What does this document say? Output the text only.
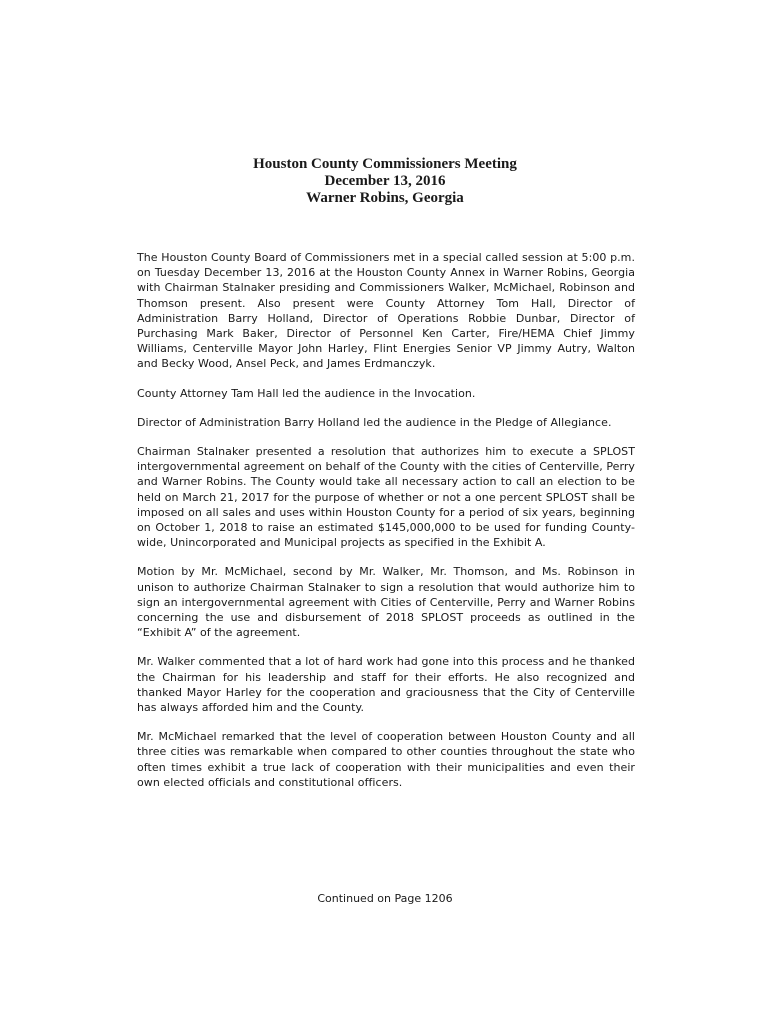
Houston County Commissioners Meeting
December 13, 2016
Warner Robins, Georgia

The Houston County Board of Commissioners met in a special called session at 5:00 p.m. on Tuesday December 13, 2016 at the Houston County Annex in Warner Robins, Georgia with Chairman Stalnaker presiding and Commissioners Walker, McMichael, Robinson and Thomson present. Also present were County Attorney Tom Hall, Director of Administration Barry Holland, Director of Operations Robbie Dunbar, Director of Purchasing Mark Baker, Director of Personnel Ken Carter, Fire/HEMA Chief Jimmy Williams, Centerville Mayor John Harley, Flint Energies Senior VP Jimmy Autry, Walton and Becky Wood, Ansel Peck, and James Erdmanczyk.

County Attorney Tam Hall led the audience in the Invocation.

Director of Administration Barry Holland led the audience in the Pledge of Allegiance.

Chairman Stalnaker presented a resolution that authorizes him to execute a SPLOST intergovernmental agreement on behalf of the County with the cities of Centerville, Perry and Warner Robins. The County would take all necessary action to call an election to be held on March 21, 2017 for the purpose of whether or not a one percent SPLOST shall be imposed on all sales and uses within Houston County for a period of six years, beginning on October 1, 2018 to raise an estimated $145,000,000 to be used for funding County-wide, Unincorporated and Municipal projects as specified in the Exhibit A.

Motion by Mr. McMichael, second by Mr. Walker, Mr. Thomson, and Ms. Robinson in unison to authorize Chairman Stalnaker to sign a resolution that would authorize him to sign an intergovernmental agreement with Cities of Centerville, Perry and Warner Robins concerning the use and disbursement of 2018 SPLOST proceeds as outlined in the “Exhibit A” of the agreement.

Mr. Walker commented that a lot of hard work had gone into this process and he thanked the Chairman for his leadership and staff for their efforts. He also recognized and thanked Mayor Harley for the cooperation and graciousness that the City of Centerville has always afforded him and the County.

Mr. McMichael remarked that the level of cooperation between Houston County and all three cities was remarkable when compared to other counties throughout the state who often times exhibit a true lack of cooperation with their municipalities and even their own elected officials and constitutional officers.

Continued on Page 1206
